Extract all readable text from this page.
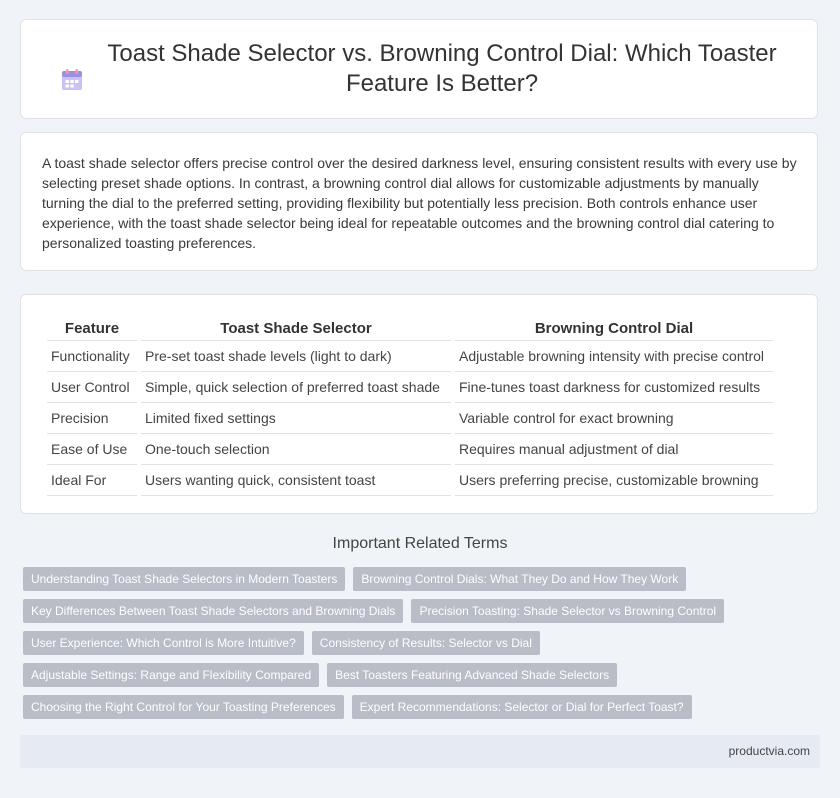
Toast Shade Selector vs. Browning Control Dial: Which Toaster Feature Is Better?

A toast shade selector offers precise control over the desired darkness level, ensuring consistent results with every use by selecting preset shade options. In contrast, a browning control dial allows for customizable adjustments by manually turning the dial to the preferred setting, providing flexibility but potentially less precision. Both controls enhance user experience, with the toast shade selector being ideal for repeatable outcomes and the browning control dial catering to personalized toasting preferences.

Feature	Toast Shade Selector	Browning Control Dial
Functionality	Pre-set toast shade levels (light to dark)	Adjustable browning intensity with precise control
User Control	Simple, quick selection of preferred toast shade	Fine-tunes toast darkness for customized results
Precision	Limited fixed settings	Variable control for exact browning
Ease of Use	One-touch selection	Requires manual adjustment of dial
Ideal For	Users wanting quick, consistent toast	Users preferring precise, customizable browning
Important Related Terms
Understanding Toast Shade Selectors in Modern Toasters	Browning Control Dials: What They Do and How They Work
Key Differences Between Toast Shade Selectors and Browning Dials	Precision Toasting: Shade Selector vs Browning Control
User Experience: Which Control is More Intuitive?	Consistency of Results: Selector vs Dial
Adjustable Settings: Range and Flexibility Compared	Best Toasters Featuring Advanced Shade Selectors
Choosing the Right Control for Your Toasting Preferences	Expert Recommendations: Selector or Dial for Perfect Toast?
productvia.com
